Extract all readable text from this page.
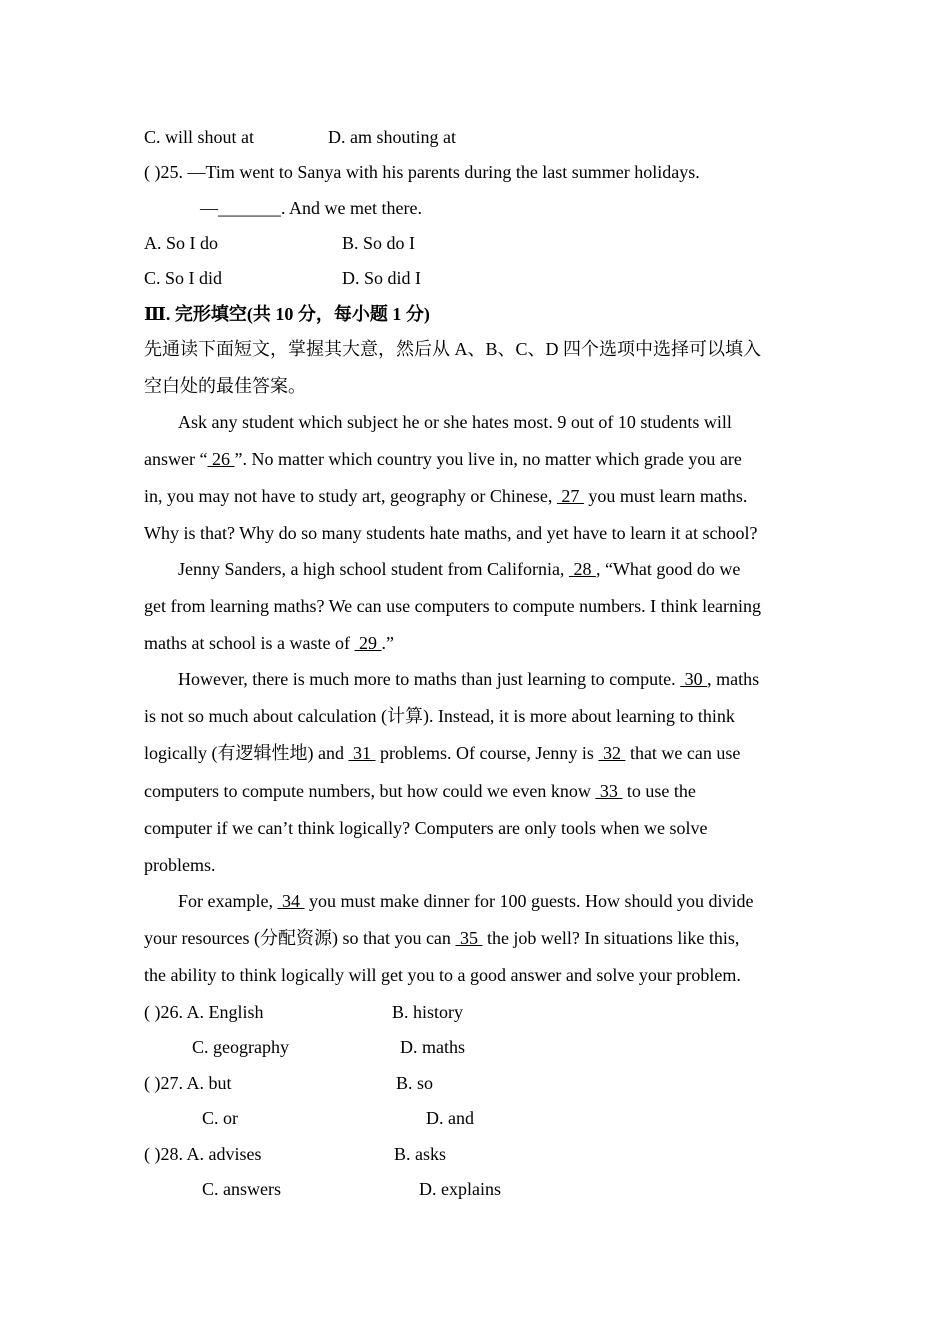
C. will shout at	D. am shouting at
( )25. —Tim went to Sanya with his parents during the last summer holidays.
—_______. And we met there.
A. So I do	B. So do I
C. So I did	D. So did I
Ⅲ. 完形填空(共 10 分，每小题 1 分)
先通读下面短文，掌握其大意，然后从 A、B、C、D 四个选项中选择可以填入
空白处的最佳答案。
Ask any student which subject he or she hates most. 9 out of 10 students will
answer “ 26 ”. No matter which country you live in, no matter which grade you are
in, you may not have to study art, geography or Chinese,  27  you must learn maths.
Why is that? Why do so many students hate maths, and yet have to learn it at school?
Jenny Sanders, a high school student from California,  28 , “What good do we
get from learning maths? We can use computers to compute numbers. I think learning
maths at school is a waste of  29 .”
However, there is much more to maths than just learning to compute.  30 , maths
is not so much about calculation (计算). Instead, it is more about learning to think
logically (有逻辑性地) and  31  problems. Of course, Jenny is  32  that we can use
computers to compute numbers, but how could we even know  33  to use the
computer if we can’t think logically? Computers are only tools when we solve
problems.
For example,  34  you must make dinner for 100 guests. How should you divide
your resources (分配资源) so that you can  35  the job well? In situations like this,
the ability to think logically will get you to a good answer and solve your problem.
( )26. A. English	B. history
C. geography	D. maths
( )27. A. but	B. so
C. or	D. and
( )28. A. advises	B. asks
C. answers	D. explains
